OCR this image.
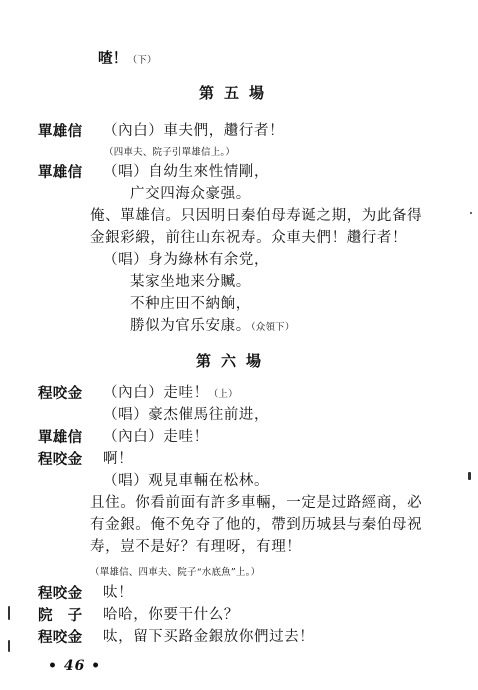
喳！（下）
第五場
單雄信 （內白）車夫們，趲行者！
（四車夫、院子引單雄信上。）
單雄信 （唱）自幼生來性情剛，
广交四海众豪强。
俺、單雄信。只因明日秦伯母寿诞之期，为此备得
金銀彩緞，前往山东祝寿。众車夫們！趲行者！
（唱）身为綠林有余党，
某家坐地来分贓。
不种庄田不納餉，
勝似为官乐安康。（众領下）
第六場
程咬金 （內白）走哇！（上）
（唱）豪杰催馬往前进，
單雄信 （內白）走哇！
程咬金 啊！
（唱）观見車輛在松林。
且住。你看前面有許多車輛，一定是过路經商，必
有金銀。俺不免夺了他的，帶到历城县与秦伯母祝
寿，豈不是好？有理呀，有理！
（單雄信、四車夫、院子“水底魚”上。）
程咬金 呔！
院　子 哈哈，你要干什么？
程咬金 呔，留下买路金銀放你們过去！
• 46 •
